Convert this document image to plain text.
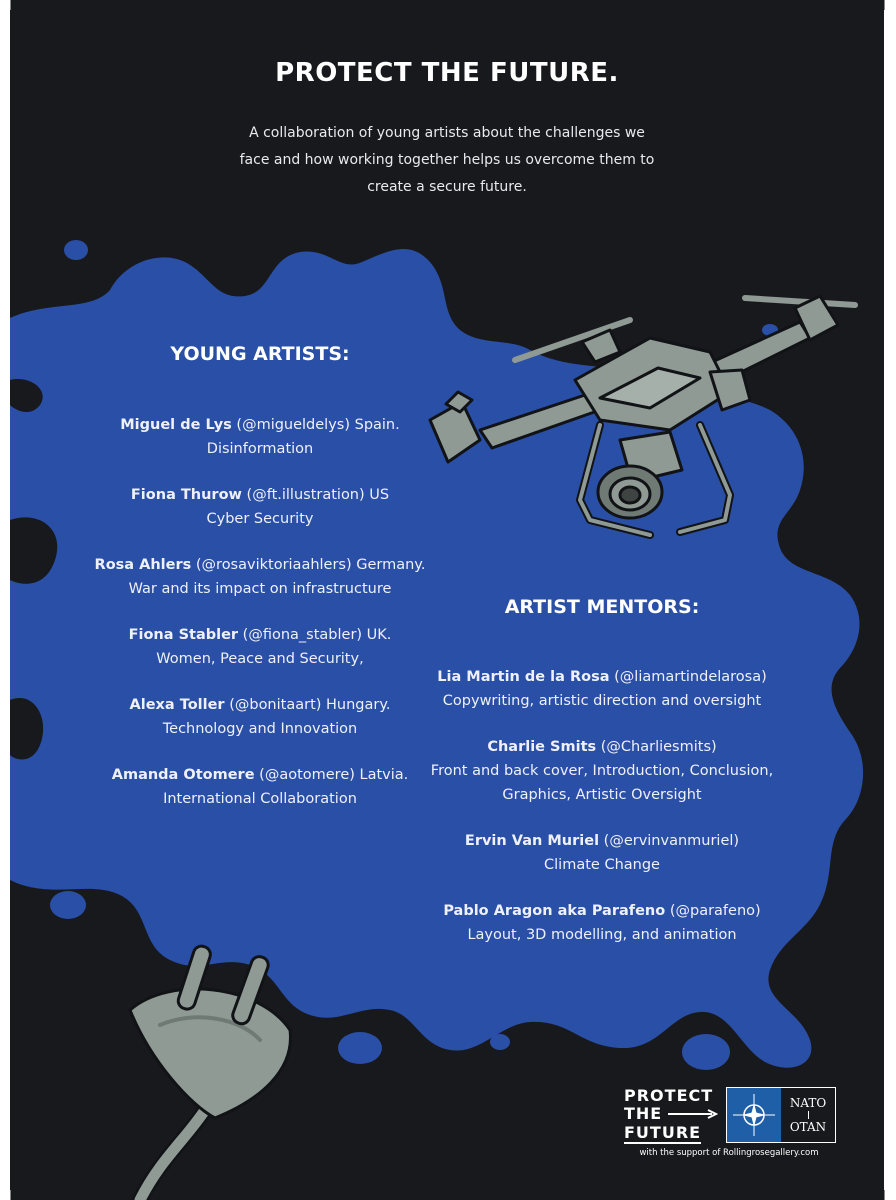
PROTECT THE FUTURE.
A collaboration of young artists about the challenges we
face and how working together helps us overcome them to
create a secure future.
YOUNG ARTISTS:
Miguel de Lys (@migueldelys) Spain.
Disinformation
Fiona Thurow (@ft.illustration) US
Cyber Security
Rosa Ahlers (@rosaviktoriaahlers) Germany.
War and its impact on infrastructure
Fiona Stabler (@fiona_stabler) UK.
Women, Peace and Security,
Alexa Toller (@bonitaart) Hungary.
Technology and Innovation
Amanda Otomere (@aotomere) Latvia.
International Collaboration
ARTIST MENTORS:
Lia Martin de la Rosa (@liamartindelarosa)
Copywriting, artistic direction and oversight
Charlie Smits (@Charliesmits)
Front and back cover, Introduction, Conclusion,
Graphics, Artistic Oversight
Ervin Van Muriel (@ervinvanmuriel)
Climate Change
Pablo Aragon aka Parafeno (@parafeno)
Layout, 3D modelling, and animation
PROTECT
THE
FUTURE
NATO
OTAN
with the support of Rollingrosegallery.com
